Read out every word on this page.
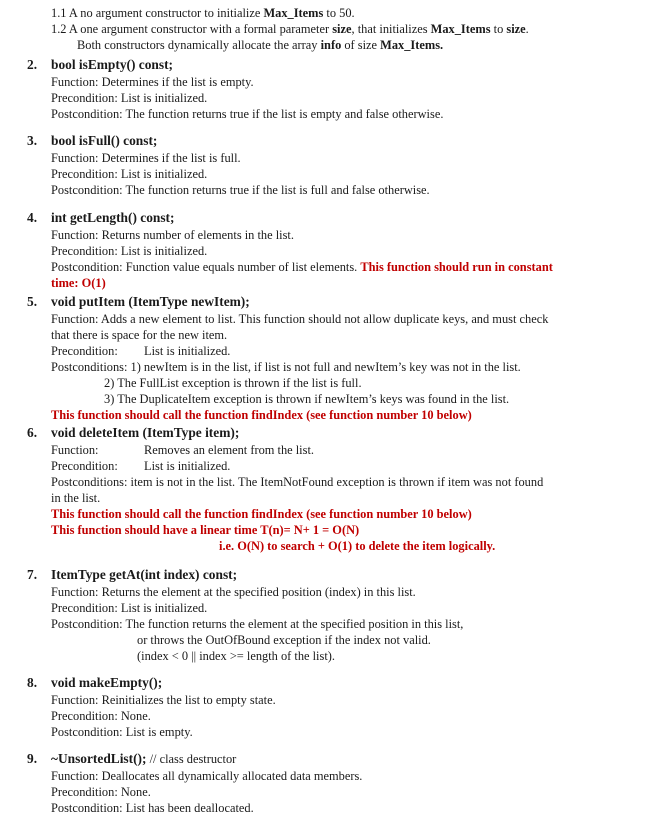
1.1 A no argument constructor to initialize Max_Items to 50.
1.2 A one argument constructor with a formal parameter size, that initializes Max_Items to size.
Both constructors dynamically allocate the array info of size Max_Items.
2. bool isEmpty() const;
Function: Determines if the list is empty.
Precondition: List is initialized.
Postcondition: The function returns true if the list is empty and false otherwise.
3. bool isFull() const;
Function: Determines if the list is full.
Precondition: List is initialized.
Postcondition: The function returns true if the list is full and false otherwise.
4. int getLength() const;
Function: Returns number of elements in the list.
Precondition: List is initialized.
Postcondition: Function value equals number of list elements. This function should run in constant
time: O(1)
5. void putItem (ItemType newItem);
Function: Adds a new element to list. This function should not allow duplicate keys, and must check
that there is space for the new item.
Precondition: List is initialized.
Postconditions: 1) newItem is in the list, if list is not full and newItem’s key was not in the list.
2) The FullList exception is thrown if the list is full.
3) The DuplicateItem exception is thrown if newItem’s keys was found in the list.
This function should call the function findIndex (see function number 10 below)
6. void deleteItem (ItemType item);
Function:	Removes an element from the list.
Precondition: List is initialized.
Postconditions: item is not in the list. The ItemNotFound exception is thrown if item was not found
in the list.
This function should call the function findIndex (see function number 10 below)
This function should have a linear time T(n)= N+ 1 = O(N)
i.e. O(N) to search + O(1) to delete the item logically.
7. ItemType getAt(int index) const;
Function: Returns the element at the specified position (index) in this list.
Precondition: List is initialized.
Postcondition: The function returns the element at the specified position in this list,
or throws the OutOfBound exception if the index not valid.
(index < 0 || index >= length of the list).
8. void makeEmpty();
Function: Reinitializes the list to empty state.
Precondition: None.
Postcondition: List is empty.
9. ~UnsortedList(); // class destructor
Function: Deallocates all dynamically allocated data members.
Precondition: None.
Postcondition: List has been deallocated.
